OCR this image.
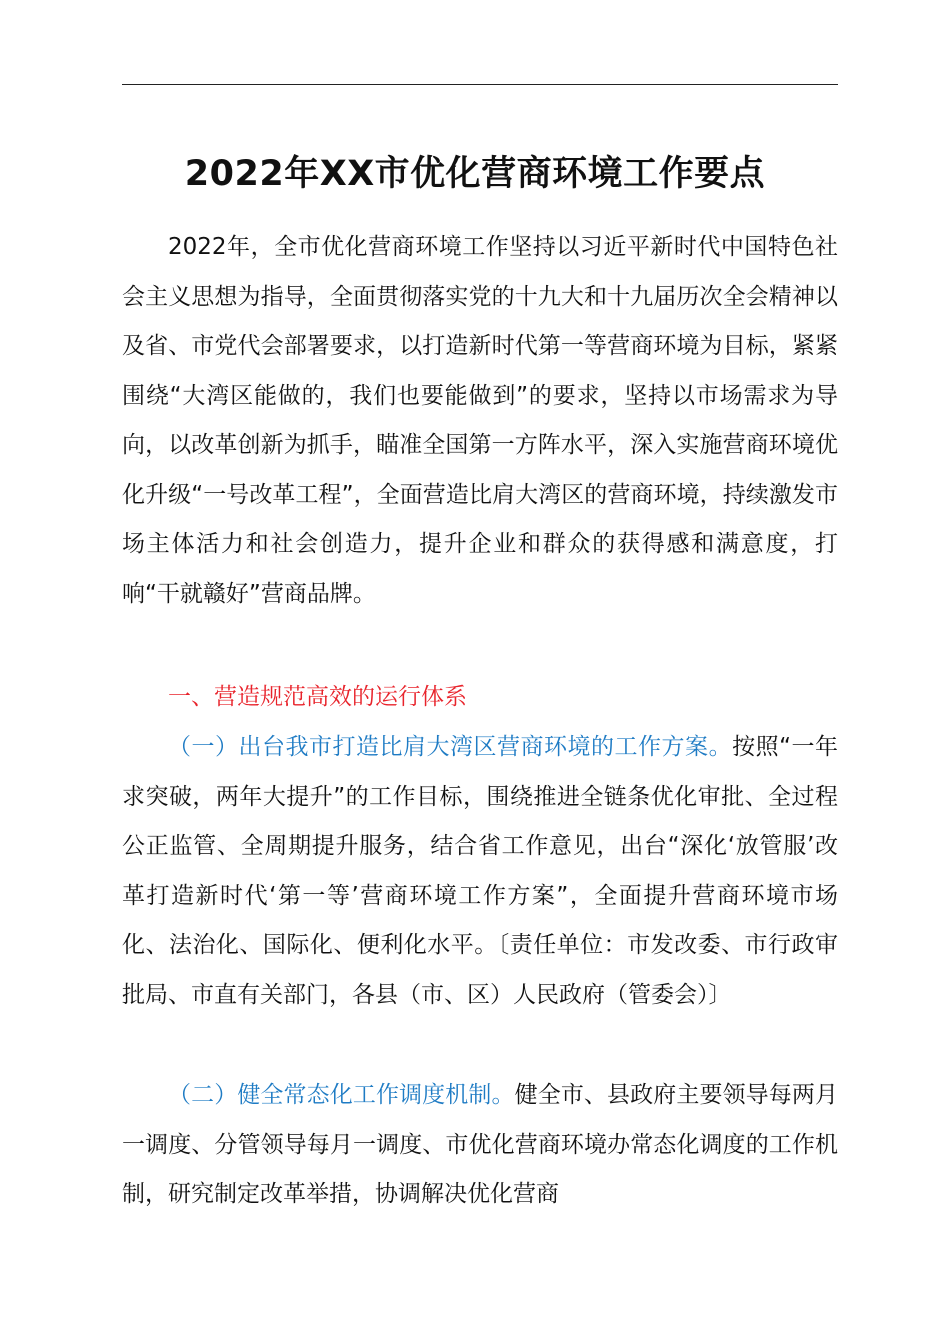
2022年XX市优化营商环境工作要点

2022年，全市优化营商环境工作坚持以习近平新时代中国特色社会主义思想为指导，全面贯彻落实党的十九大和十九届历次全会精神以及省、市党代会部署要求，以打造新时代第一等营商环境为目标，紧紧围绕“大湾区能做的，我们也要能做到”的要求，坚持以市场需求为导向，以改革创新为抓手，瞄准全国第一方阵水平，深入实施营商环境优化升级“一号改革工程”，全面营造比肩大湾区的营商环境，持续激发市场主体活力和社会创造力，提升企业和群众的获得感和满意度，打响“干就赣好”营商品牌。

一、营造规范高效的运行体系

（一）出台我市打造比肩大湾区营商环境的工作方案。按照“一年求突破，两年大提升”的工作目标，围绕推进全链条优化审批、全过程公正监管、全周期提升服务，结合省工作意见，出台“深化‘放管服’改革打造新时代‘第一等’营商环境工作方案”，全面提升营商环境市场化、法治化、国际化、便利化水平。〔责任单位：市发改委、市行政审批局、市直有关部门，各县（市、区）人民政府（管委会）〕

（二）健全常态化工作调度机制。健全市、县政府主要领导每两月一调度、分管领导每月一调度、市优化营商环境办常态化调度的工作机制，研究制定改革举措，协调解决优化营商
